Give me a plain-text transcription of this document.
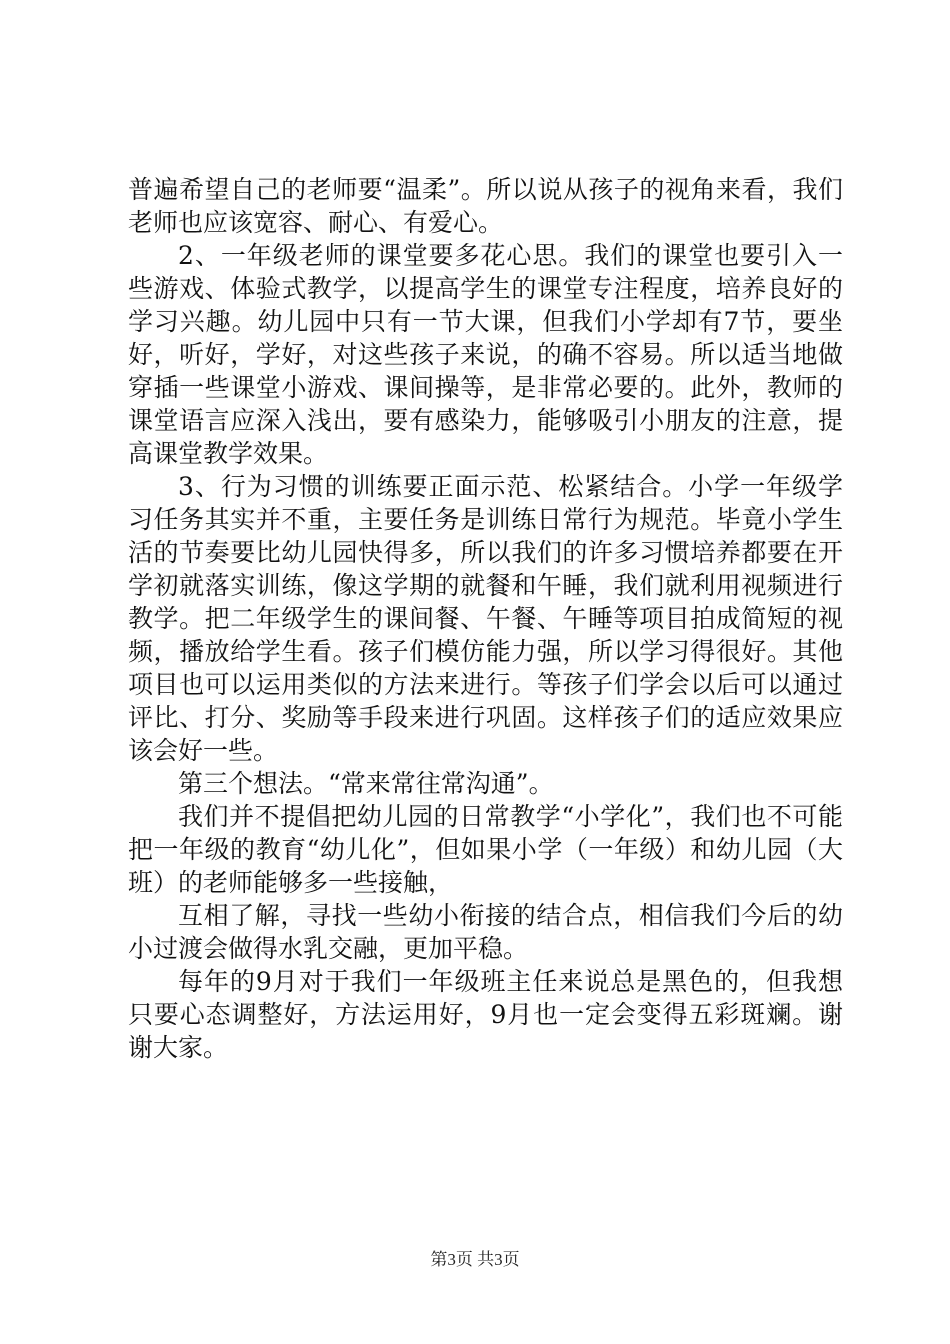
普遍希望自己的老师要“温柔”。所以说从孩子的视角来看，我们老师也应该宽容、耐心、有爱心。

2、一年级老师的课堂要多花心思。我们的课堂也要引入一些游戏、体验式教学，以提高学生的课堂专注程度，培养良好的学习兴趣。幼儿园中只有一节大课，但我们小学却有7节，要坐好，听好，学好，对这些孩子来说，的确不容易。所以适当地做穿插一些课堂小游戏、课间操等，是非常必要的。此外，教师的课堂语言应深入浅出，要有感染力，能够吸引小朋友的注意，提高课堂教学效果。

3、行为习惯的训练要正面示范、松紧结合。小学一年级学习任务其实并不重，主要任务是训练日常行为规范。毕竟小学生活的节奏要比幼儿园快得多，所以我们的许多习惯培养都要在开学初就落实训练，像这学期的就餐和午睡，我们就利用视频进行教学。把二年级学生的课间餐、午餐、午睡等项目拍成简短的视频，播放给学生看。孩子们模仿能力强，所以学习得很好。其他项目也可以运用类似的方法来进行。等孩子们学会以后可以通过评比、打分、奖励等手段来进行巩固。这样孩子们的适应效果应该会好一些。

第三个想法。“常来常往常沟通”。

我们并不提倡把幼儿园的日常教学“小学化”，我们也不可能把一年级的教育“幼儿化”，但如果小学（一年级）和幼儿园（大班）的老师能够多一些接触，

互相了解，寻找一些幼小衔接的结合点，相信我们今后的幼小过渡会做得水乳交融，更加平稳。

每年的9月对于我们一年级班主任来说总是黑色的，但我想只要心态调整好，方法运用好，9月也一定会变得五彩斑斓。谢谢大家。

第3页 共3页
